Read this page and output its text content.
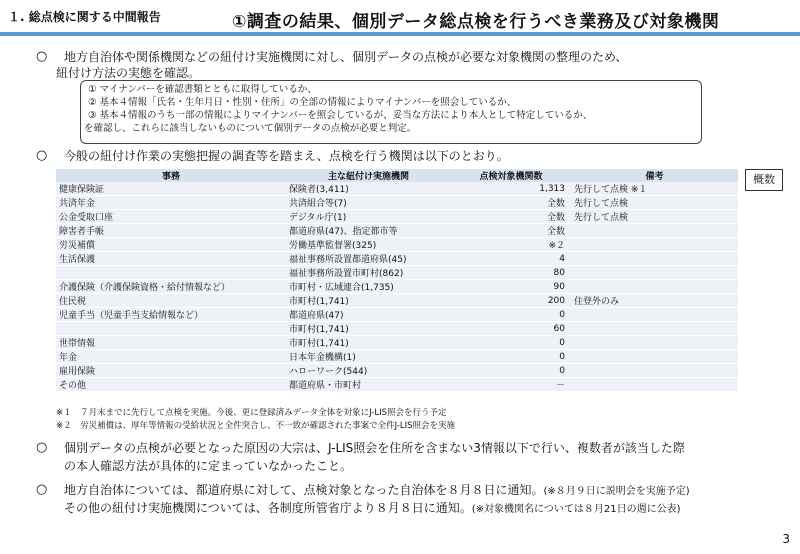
１. 総点検に関する中間報告	①調査の結果、個別データ総点検を行うべき業務及び対象機関
○ 地方自治体や関係機関などの紐付け実施機関に対し、個別データの点検が必要な対象機関の整理のため、
紐付け方法の実態を確認。
① マイナンバーを確認書類とともに取得しているか、
② 基本４情報「氏名・生年月日・性別・住所」の全部の情報によりマイナンバーを照会しているか、
③ 基本４情報のうち一部の情報によりマイナンバーを照会しているが、妥当な方法により本人として特定しているか、
を確認し、これらに該当しないものについて個別データの点検が必要と判定。
○ 今般の紐付け作業の実態把握の調査等を踏まえ、点検を行う機関は以下のとおり。
概数
事務	主な紐付け実施機関	点検対象機関数	備考
健康保険証	保険者(3,411)	1,313	先行して点検 ※１
共済年金	共済組合等(7)	全数	先行して点検
公金受取口座	デジタル庁(1)	全数	先行して点検
障害者手帳	都道府県(47)、指定都市等	全数	
労災補償	労働基準監督署(325)	※２	
生活保護	福祉事務所設置都道府県(45)	4	
	福祉事務所設置市町村(862)	80	
介護保険（介護保険資格・給付情報など）	市町村・広域連合(1,735)	90	
住民税	市町村(1,741)	200	住登外のみ
児童手当（児童手当支給情報など）	都道府県(47)	0	
	市町村(1,741)	60	
世帯情報	市町村(1,741)	0	
年金	日本年金機構(1)	0	
雇用保険	ハローワーク(544)	0	
その他	都道府県・市町村	－	
※１　７月末までに先行して点検を実施。今後、更に登録済みデータ全体を対象にJ-LIS照会を行う予定
※２　労災補償は、厚年等情報の受給状況と全件突合し、不一致が確認された事案で全件J-LIS照会を実施
○ 個別データの点検が必要となった原因の大宗は、J-LIS照会を住所を含まない3情報以下で行い、複数者が該当した際
の本人確認方法が具体的に定まっていなかったこと。
○ 地方自治体については、都道府県に対して、点検対象となった自治体を８月８日に通知。(※８月９日に説明会を実施予定)
その他の紐付け実施機関については、各制度所管省庁より８月８日に通知。(※対象機関名については８月21日の週に公表)
3
